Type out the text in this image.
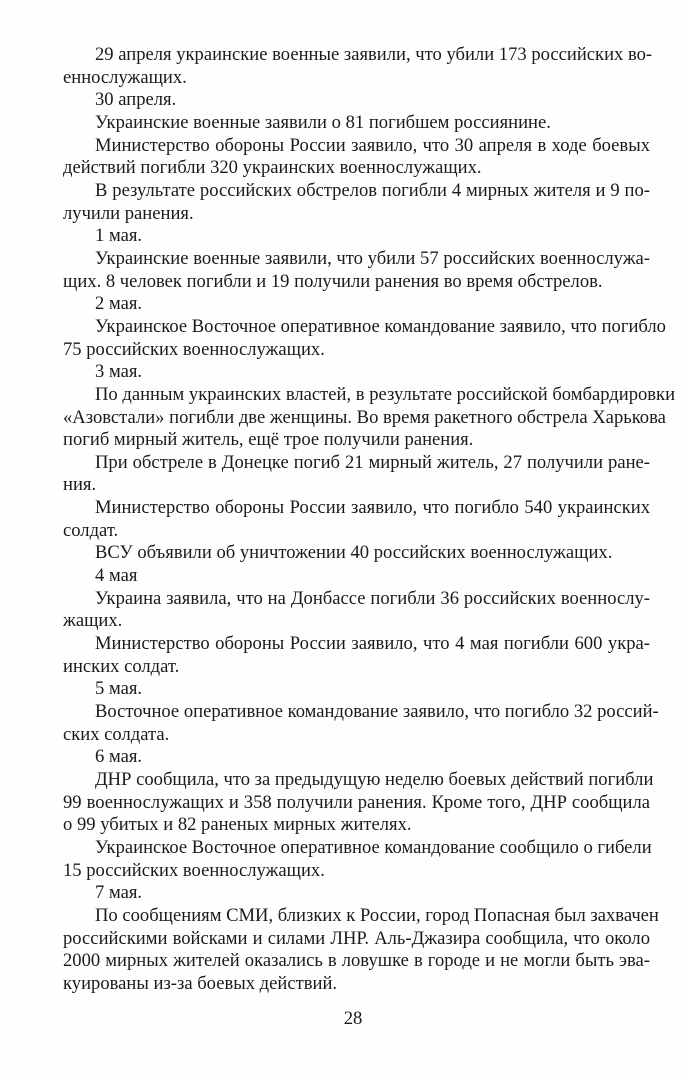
29 апреля украинские военные заявили, что убили 173 российских во-
еннослужащих.
30 апреля.
Украинские военные заявили о 81 погибшем россиянине.
Министерство обороны России заявило, что 30 апреля в ходе боевых
действий погибли 320 украинских военнослужащих.
В результате российских обстрелов погибли 4 мирных жителя и 9 по-
лучили ранения.
1 мая.
Украинские военные заявили, что убили 57 российских военнослужа-
щих. 8 человек погибли и 19 получили ранения во время обстрелов.
2 мая.
Украинское Восточное оперативное командование заявило, что погибло
75 российских военнослужащих.
3 мая.
По данным украинских властей, в результате российской бомбардировки
«Азовстали» погибли две женщины. Во время ракетного обстрела Харькова
погиб мирный житель, ещё трое получили ранения.
При обстреле в Донецке погиб 21 мирный житель, 27 получили ране-
ния.
Министерство обороны России заявило, что погибло 540 украинских
солдат.
ВСУ объявили об уничтожении 40 российских военнослужащих.
4 мая
Украина заявила, что на Донбассе погибли 36 российских военнослу-
жащих.
Министерство обороны России заявило, что 4 мая погибли 600 укра-
инских солдат.
5 мая.
Восточное оперативное командование заявило, что погибло 32 россий-
ских солдата.
6 мая.
ДНР сообщила, что за предыдущую неделю боевых действий погибли
99 военнослужащих и 358 получили ранения. Кроме того, ДНР сообщила
о 99 убитых и 82 раненых мирных жителях.
Украинское Восточное оперативное командование сообщило о гибели
15 российских военнослужащих.
7 мая.
По сообщениям СМИ, близких к России, город Попасная был захвачен
российскими войсками и силами ЛНР. Аль-Джазира сообщила, что около
2000 мирных жителей оказались в ловушке в городе и не могли быть эва-
куированы из-за боевых действий.
28
